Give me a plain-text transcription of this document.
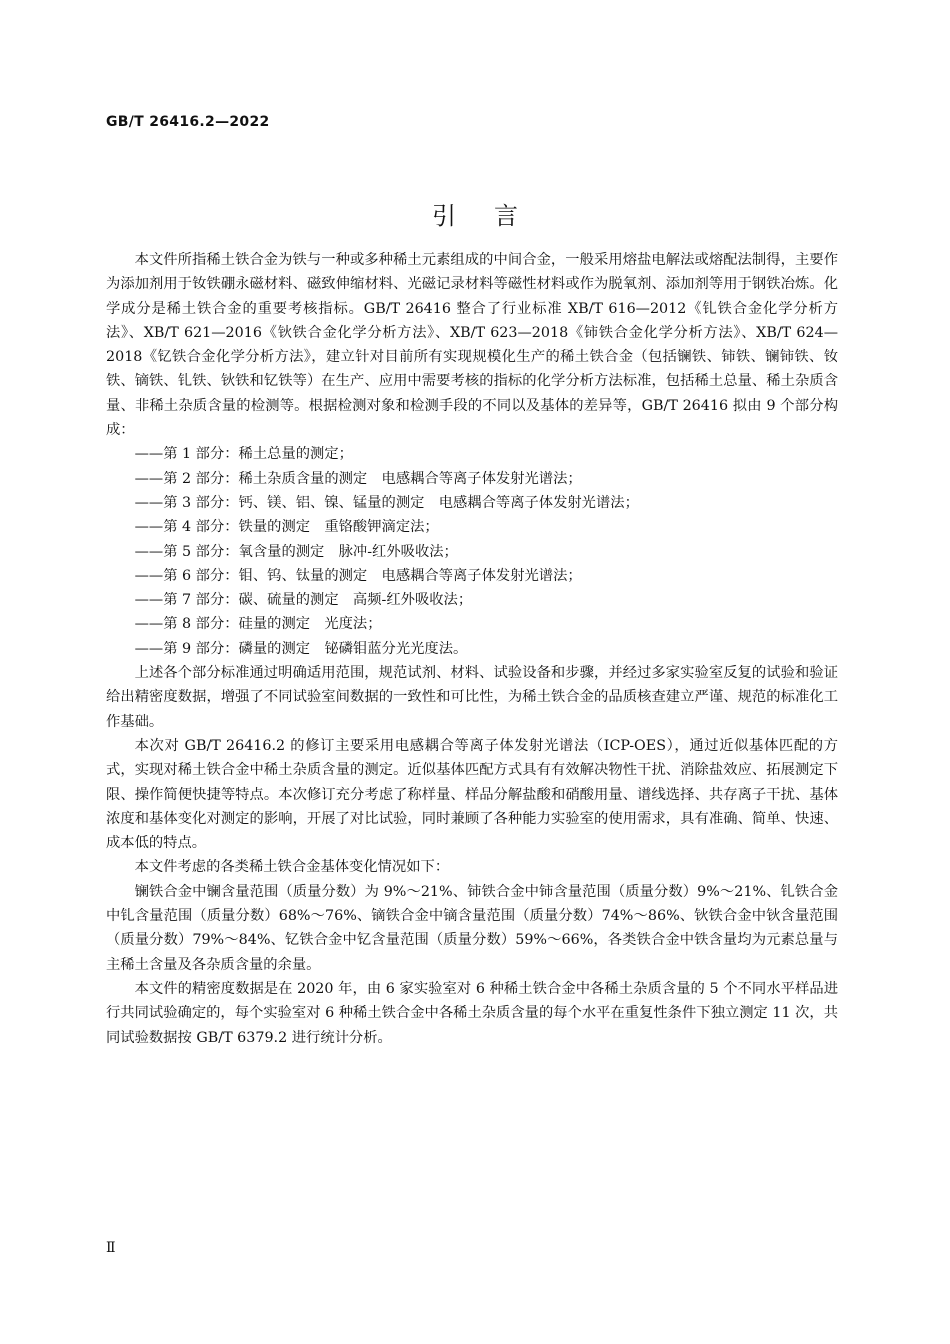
GB/T 26416.2—2022
引言

本文件所指稀土铁合金为铁与一种或多种稀土元素组成的中间合金，一般采用熔盐电解法或熔配法制得，主要作为添加剂用于钕铁硼永磁材料、磁致伸缩材料、光磁记录材料等磁性材料或作为脱氧剂、添加剂等用于钢铁冶炼。化学成分是稀土铁合金的重要考核指标。GB/T 26416 整合了行业标准 XB/T 616—2012《钆铁合金化学分析方法》、XB/T 621—2016《钬铁合金化学分析方法》、XB/T 623—2018《铈铁合金化学分析方法》、XB/T 624—2018《钇铁合金化学分析方法》，建立针对目前所有实现规模化生产的稀土铁合金（包括镧铁、铈铁、镧铈铁、钕铁、镝铁、钆铁、钬铁和钇铁等）在生产、应用中需要考核的指标的化学分析方法标准，包括稀土总量、稀土杂质含量、非稀土杂质含量的检测等。根据检测对象和检测手段的不同以及基体的差异等，GB/T 26416 拟由 9 个部分构成：

——第 1 部分：稀土总量的测定；
——第 2 部分：稀土杂质含量的测定　电感耦合等离子体发射光谱法；
——第 3 部分：钙、镁、铝、镍、锰量的测定　电感耦合等离子体发射光谱法；
——第 4 部分：铁量的测定　重铬酸钾滴定法；
——第 5 部分：氧含量的测定　脉冲-红外吸收法；
——第 6 部分：钼、钨、钛量的测定　电感耦合等离子体发射光谱法；
——第 7 部分：碳、硫量的测定　高频-红外吸收法；
——第 8 部分：硅量的测定　光度法；
——第 9 部分：磷量的测定　铋磷钼蓝分光光度法。

上述各个部分标准通过明确适用范围，规范试剂、材料、试验设备和步骤，并经过多家实验室反复的试验和验证给出精密度数据，增强了不同试验室间数据的一致性和可比性，为稀土铁合金的品质核查建立严谨、规范的标准化工作基础。

本次对 GB/T 26416.2 的修订主要采用电感耦合等离子体发射光谱法（ICP-OES），通过近似基体匹配的方式，实现对稀土铁合金中稀土杂质含量的测定。近似基体匹配方式具有有效解决物性干扰、消除盐效应、拓展测定下限、操作简便快捷等特点。本次修订充分考虑了称样量、样品分解盐酸和硝酸用量、谱线选择、共存离子干扰、基体浓度和基体变化对测定的影响，开展了对比试验，同时兼顾了各种能力实验室的使用需求，具有准确、简单、快速、成本低的特点。

本文件考虑的各类稀土铁合金基体变化情况如下：

镧铁合金中镧含量范围（质量分数）为 9%～21%、铈铁合金中铈含量范围（质量分数）9%～21%、钆铁合金中钆含量范围（质量分数）68%～76%、镝铁合金中镝含量范围（质量分数）74%～86%、钬铁合金中钬含量范围（质量分数）79%～84%、钇铁合金中钇含量范围（质量分数）59%～66%，各类铁合金中铁含量均为元素总量与主稀土含量及各杂质含量的余量。

本文件的精密度数据是在 2020 年，由 6 家实验室对 6 种稀土铁合金中各稀土杂质含量的 5 个不同水平样品进行共同试验确定的，每个实验室对 6 种稀土铁合金中各稀土杂质含量的每个水平在重复性条件下独立测定 11 次，共同试验数据按 GB/T 6379.2 进行统计分析。

Ⅱ
